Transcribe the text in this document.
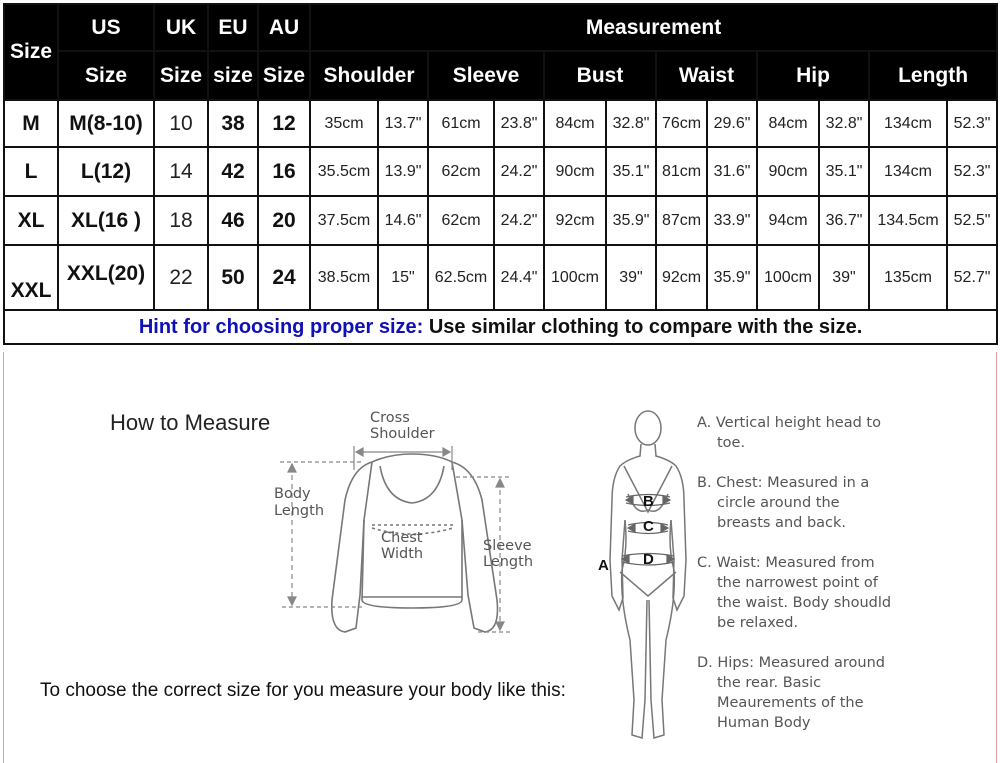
Size	US	UK	EU	AU	Measurement											
	Size	Size	size	Size	Shoulder		Sleeve		Bust		Waist		Hip		Length	
M	M(8-10)	10	38	12	35cm	13.7"	61cm	23.8"	84cm	32.8"	76cm	29.6"	84cm	32.8"	134cm	52.3"
L	L(12)	14	42	16	35.5cm	13.9"	62cm	24.2"	90cm	35.1"	81cm	31.6"	90cm	35.1"	134cm	52.3"
XL	XL(16 )	18	46	20	37.5cm	14.6"	62cm	24.2"	92cm	35.9"	87cm	33.9"	94cm	36.7"	134.5cm	52.5"
XXL	XXL(20)	22	50	24	38.5cm	15"	62.5cm	24.4"	100cm	39"	92cm	35.9"	100cm	39"	135cm	52.7"
Hint for choosing proper size: Use similar clothing to compare with the size.																
How to Measure
To choose the correct size for you measure your body like this:
Cross
Shoulder
Body
Length
Chest
Width	Sleeve
Length
B
C
D
A
A. Vertical height head to toe.
B. Chest: Measured in a circle around the breasts and back.
C. Waist: Measured from the narrowest point of the waist. Body shoudld be relaxed.
D. Hips: Measured around the rear. Basic Meaurements of the Human Body
